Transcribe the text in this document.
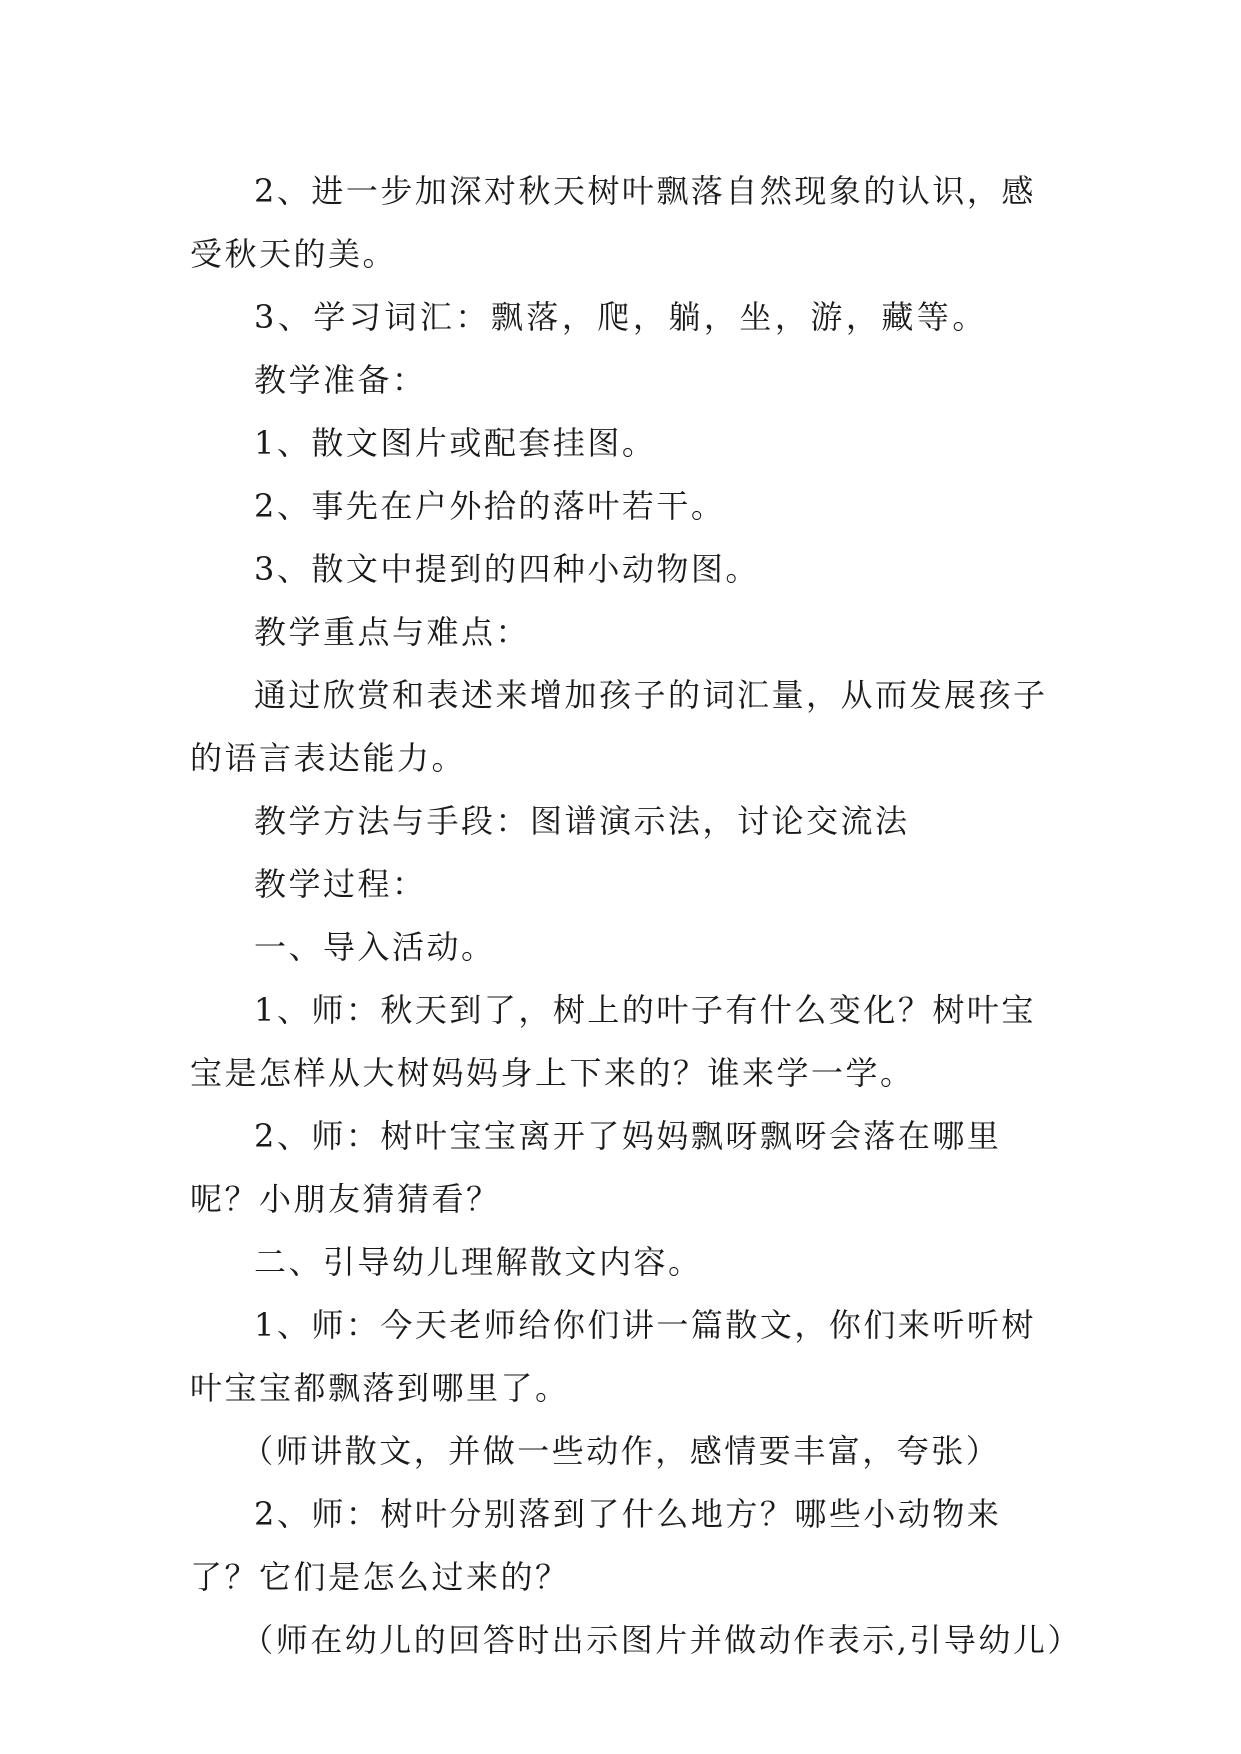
2、进一步加深对秋天树叶飘落自然现象的认识，感受秋天的美。

3、学习词汇：飘落，爬，躺，坐，游，藏等。

教学准备：

1、散文图片或配套挂图。

2、事先在户外拾的落叶若干。

3、散文中提到的四种小动物图。

教学重点与难点：

通过欣赏和表述来增加孩子的词汇量，从而发展孩子的语言表达能力。

教学方法与手段：图谱演示法，讨论交流法

教学过程：

一、导入活动。

1、师：秋天到了，树上的叶子有什么变化？树叶宝宝是怎样从大树妈妈身上下来的？谁来学一学。

2、师：树叶宝宝离开了妈妈飘呀飘呀会落在哪里呢？小朋友猜猜看？

二、引导幼儿理解散文内容。

1、师：今天老师给你们讲一篇散文，你们来听听树叶宝宝都飘落到哪里了。

（师讲散文，并做一些动作，感情要丰富，夸张）

2、师：树叶分别落到了什么地方？哪些小动物来了？它们是怎么过来的？

（师在幼儿的回答时出示图片并做动作表示,引导幼儿）
